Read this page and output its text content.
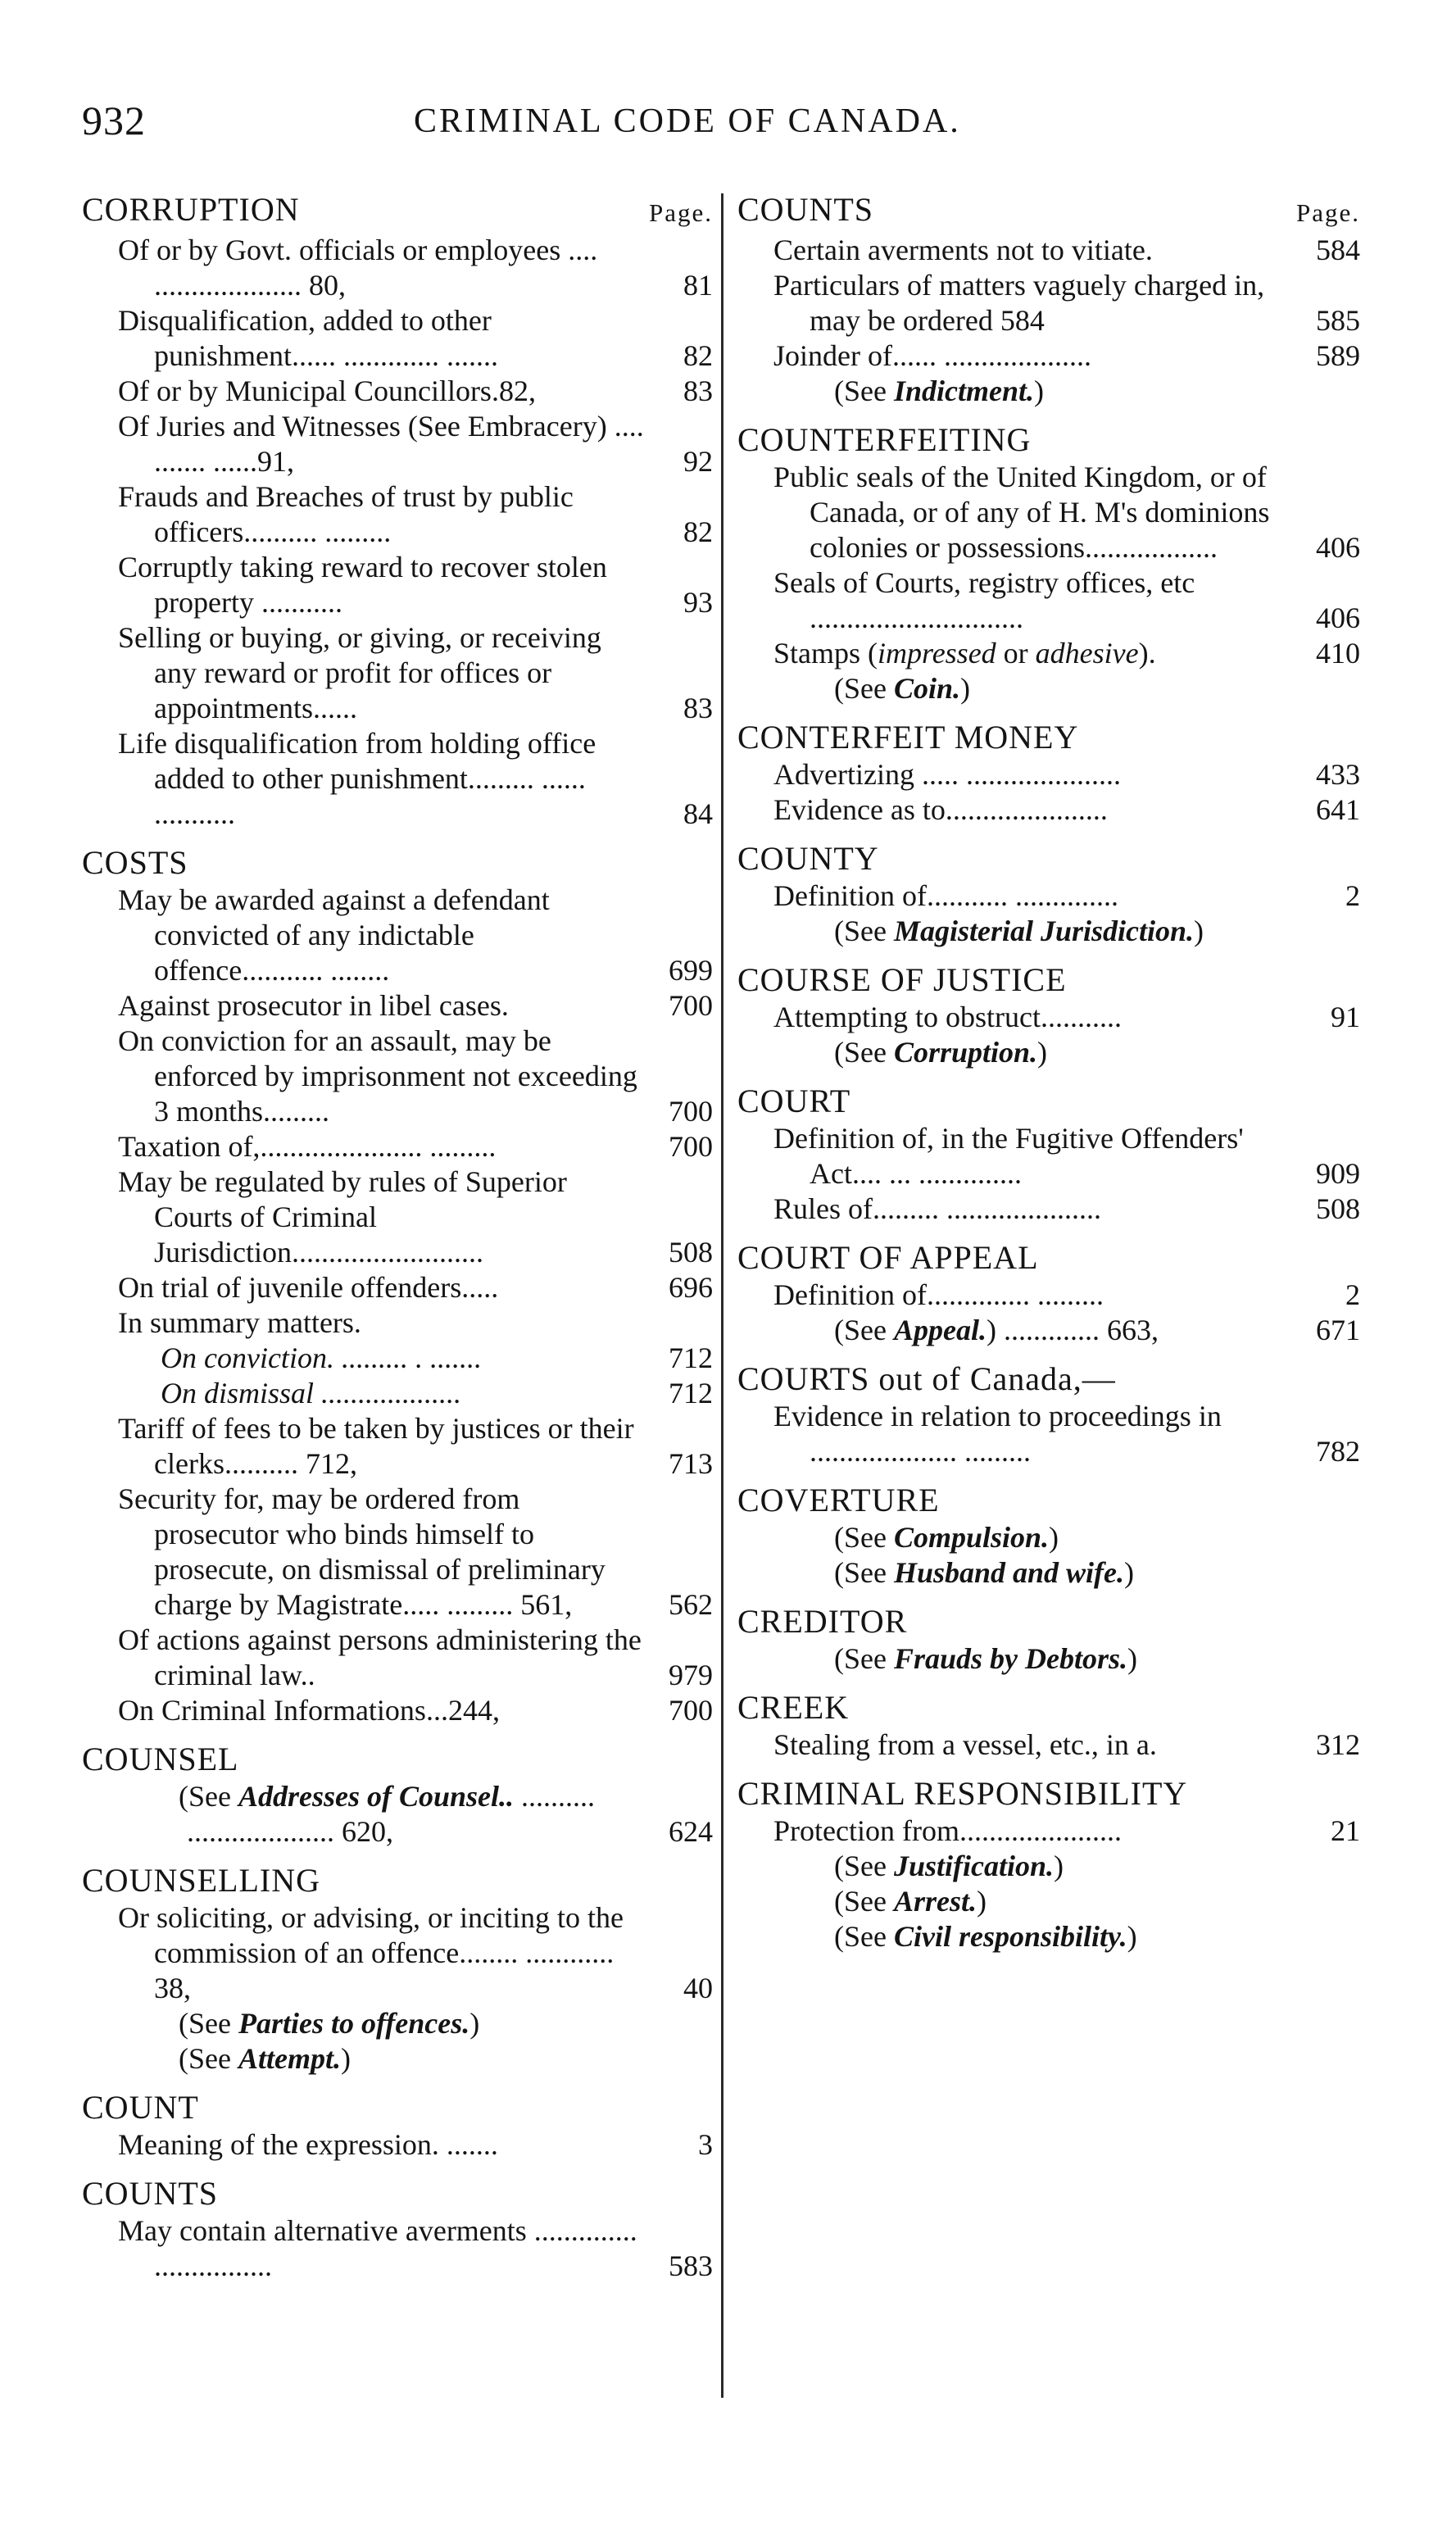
932	CRIMINAL CODE OF CANADA.
CORRUPTION	Page.
Of or by Govt. officials or employees .... .................... 80,	81
Disqualification, added to other punishment...... ............. .......	82
Of or by Municipal Councillors.82,	83
Of Juries and Witnesses (See Embracery) .... ....... ......91,	92
Frauds and Breaches of trust by public officers.......... .........	82
Corruptly taking reward to recover stolen property ...........	93
Selling or buying, or giving, or receiving any reward or profit for offices or appointments......	83
Life disqualification from holding office added to other punishment......... ...... ...........	84
COSTS
May be awarded against a defendant convicted of any indictable offence........... ........	699
Against prosecutor in libel cases.	700
On conviction for an assault, may be enforced by imprisonment not exceeding 3 months.........	700
Taxation of,...................... .........	700
May be regulated by rules of Superior Courts of Criminal Jurisdiction..........................	508
On trial of juvenile offenders.....	696
In summary matters.
On conviction. ......... . .......	712
On dismissal ...................	712
Tariff of fees to be taken by justices or their clerks.......... 712,	713
Security for, may be ordered from prosecutor who binds himself to prosecute, on dismissal of preliminary charge by Magistrate..... ......... 561,	562
Of actions against persons administering the criminal law..	979
On Criminal Informations...244,	700
COUNSEL
(See Addresses of Counsel.. .......... .................... 620,	624
COUNSELLING
Or soliciting, or advising, or inciting to the commission of an offence........ ............ 38,	40
(See Parties to offences.)
(See Attempt.)
COUNT
Meaning of the expression. .......	3
COUNTS
May contain alternative averments .............. ................	583
COUNTS	Page.
Certain averments not to vitiate.	584
Particulars of matters vaguely charged in, may be ordered 584	585
Joinder of...... ....................	589
(See Indictment.)
COUNTERFEITING
Public seals of the United Kingdom, or of Canada, or of any of H. M's dominions colonies or possessions..................	406
Seals of Courts, registry offices, etc .............................	406
Stamps (impressed or adhesive).	410
(See Coin.)
CONTERFEIT MONEY
Advertizing ..... .....................	433
Evidence as to......................	641
COUNTY
Definition of........... ..............	2
(See Magisterial Jurisdiction.)
COURSE OF JUSTICE
Attempting to obstruct...........	91
(See Corruption.)
COURT
Definition of, in the Fugitive Offenders' Act.... ... ..............	909
Rules of......... .....................	508
COURT OF APPEAL
Definition of.............. .........	2
(See Appeal.) ............. 663,	671
COURTS out of Canada,—
Evidence in relation to proceedings in .................... .........	782
COVERTURE
(See Compulsion.)
(See Husband and wife.)
CREDITOR
(See Frauds by Debtors.)
CREEK
Stealing from a vessel, etc., in a.	312
CRIMINAL RESPONSIBILITY
Protection from......................	21
(See Justification.)
(See Arrest.)
(See Civil responsibility.)
